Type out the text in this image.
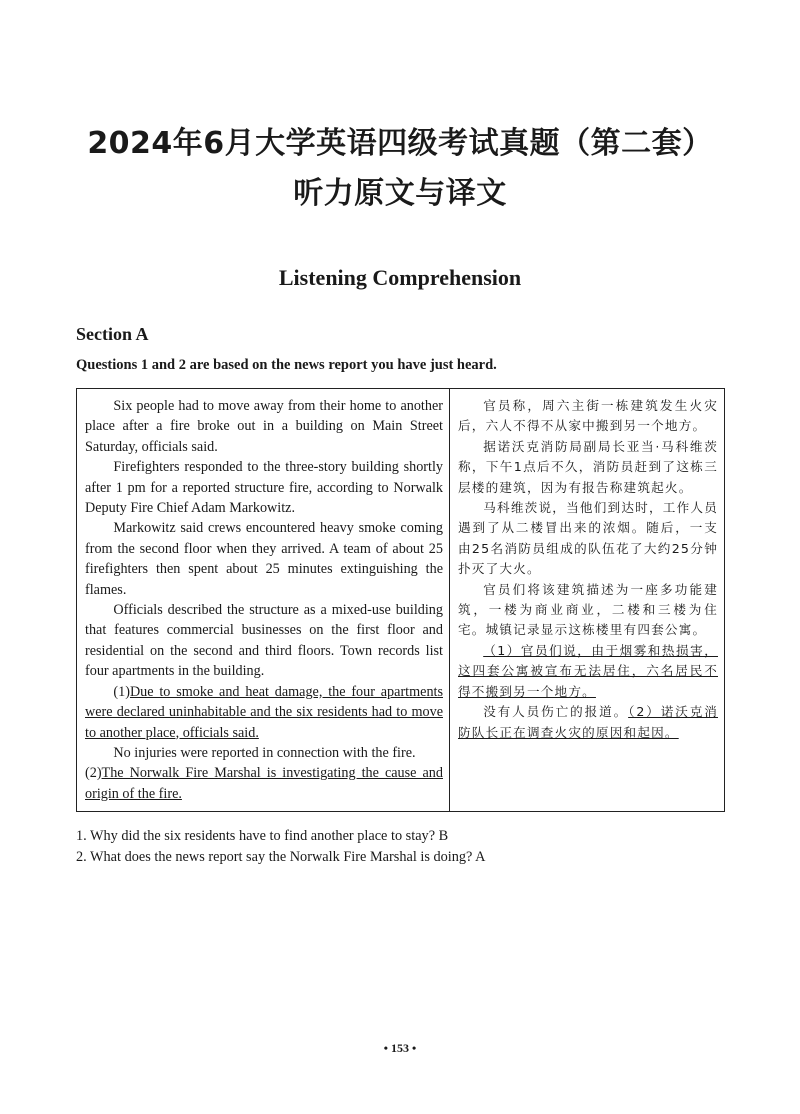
2024年6月大学英语四级考试真题（第二套）
听力原文与译文
Listening Comprehension
Section A
Questions 1 and 2 are based on the news report you have just heard.

Six people had to move away from their home to another place after a fire broke out in a building on Main Street Saturday, officials said.

Firefighters responded to the three-story building shortly after 1 pm for a reported structure fire, according to Norwalk Deputy Fire Chief Adam Markowitz.

Markowitz said crews encountered heavy smoke coming from the second floor when they arrived. A team of about 25 firefighters then spent about 25 minutes extinguishing the flames.

Officials described the structure as a mixed-use building that features commercial businesses on the first floor and residential on the second and third floors. Town records list four apartments in the building.

(1)Due to smoke and heat damage, the four apartments were declared uninhabitable and the six residents had to move to another place, officials said.

No injuries were reported in connection with the fire.

(2)The Norwalk Fire Marshal is investigating the cause and origin of the fire.

官员称，周六主街一栋建筑发生火灾后，六人不得不从家中搬到另一个地方。

据诺沃克消防局副局长亚当·马科维茨称，下午1点后不久，消防员赶到了这栋三层楼的建筑，因为有报告称建筑起火。

马科维茨说，当他们到达时，工作人员遇到了从二楼冒出来的浓烟。随后，一支由25名消防员组成的队伍花了大约25分钟扑灭了大火。

官员们将该建筑描述为一座多功能建筑，一楼为商业商业，二楼和三楼为住宅。城镇记录显示这栋楼里有四套公寓。

（1）官员们说，由于烟雾和热损害，这四套公寓被宣布无法居住，六名居民不得不搬到另一个地方。

没有人员伤亡的报道。（2）诺沃克消防队长正在调查火灾的原因和起因。

1. Why did the six residents have to find another place to stay? B
2. What does the news report say the Norwalk Fire Marshal is doing? A
• 153 •
